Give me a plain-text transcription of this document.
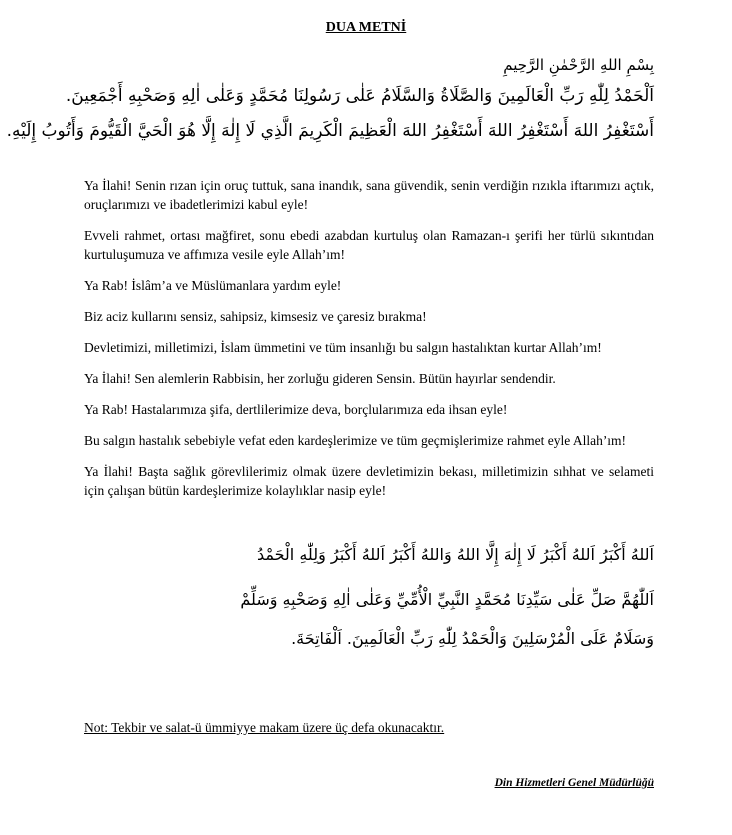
DUA METNİ

بِسْمِ اللهِ الرَّحْمٰنِ الرَّحِيمِ

اَلْحَمْدُ لِلّٰهِ رَبِّ الْعَالَمِينَ وَالصَّلَاةُ وَالسَّلَامُ عَلٰى رَسُولِنَا مُحَمَّدٍ وَعَلٰى اٰلِهِ وَصَحْبِهِ أَجْمَعِينَ.

أَسْتَغْفِرُ اللهَ أَسْتَغْفِرُ اللهَ أَسْتَغْفِرُ اللهَ الْعَظِيمَ الْكَرِيمَ الَّذِي لَا إِلٰهَ إِلَّا هُوَ الْحَيَّ الْقَيُّومَ وَأَتُوبُ إِلَيْهِ.

Ya İlahi! Senin rızan için oruç tuttuk, sana inandık, sana güvendik, senin verdiğin rızıkla iftarımızı açtık, oruçlarımızı ve ibadetlerimizi kabul eyle!

Evveli rahmet, ortası mağfiret, sonu ebedi azabdan kurtuluş olan Ramazan-ı şerifi her türlü sıkıntıdan kurtuluşumuza ve affımıza vesile eyle Allah’ım!

Ya Rab! İslâm’a ve Müslümanlara yardım eyle!

Biz aciz kullarını sensiz, sahipsiz, kimsesiz ve çaresiz bırakma!

Devletimizi, milletimizi, İslam ümmetini ve tüm insanlığı bu salgın hastalıktan kurtar Allah’ım!

Ya İlahi! Sen alemlerin Rabbisin, her zorluğu gideren Sensin. Bütün hayırlar sendendir.

Ya Rab! Hastalarımıza şifa, dertlilerimize deva, borçlularımıza eda ihsan eyle!

Bu salgın hastalık sebebiyle vefat eden kardeşlerimize ve tüm geçmişlerimize rahmet eyle Allah’ım!

Ya İlahi! Başta sağlık görevlilerimiz olmak üzere devletimizin bekası, milletimizin sıhhat ve selameti için çalışan bütün kardeşlerimize kolaylıklar nasip eyle!

اَللهُ أَكْبَرُ اَللهُ أَكْبَرُ لَا إِلٰهَ إِلَّا اللهُ وَاللهُ أَكْبَرُ اَللهُ أَكْبَرُ وَلِلّٰهِ الْحَمْدُ

اَللّٰهُمَّ صَلِّ عَلٰى سَيِّدِنَا مُحَمَّدٍ النَّبِيِّ الْأُمِّيِّ وَعَلٰى اٰلِهِ وَصَحْبِهِ وَسَلِّمْ

وَسَلَامٌ عَلَى الْمُرْسَلِينَ وَالْحَمْدُ لِلّٰهِ رَبِّ الْعَالَمِينَ. اَلْفَاتِحَةَ.

Not: Tekbir ve salat-ü ümmiyye makam üzere üç defa okunacaktır.

Din Hizmetleri Genel Müdürlüğü
